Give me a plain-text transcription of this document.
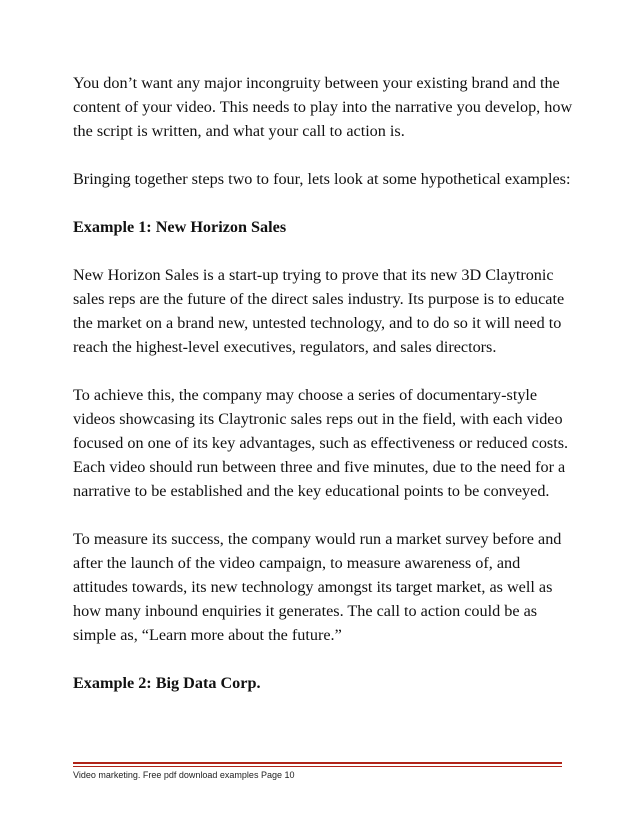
You don’t want any major incongruity between your existing brand and the content of your video. This needs to play into the narrative you develop, how the script is written, and what your call to action is.

Bringing together steps two to four, lets look at some hypothetical examples:

Example 1: New Horizon Sales

New Horizon Sales is a start-up trying to prove that its new 3D Claytronic sales reps are the future of the direct sales industry. Its purpose is to educate the market on a brand new, untested technology, and to do so it will need to reach the highest-level executives, regulators, and sales directors.

To achieve this, the company may choose a series of documentary-style videos showcasing its Claytronic sales reps out in the field, with each video focused on one of its key advantages, such as effectiveness or reduced costs. Each video should run between three and five minutes, due to the need for a narrative to be established and the key educational points to be conveyed.

To measure its success, the company would run a market survey before and after the launch of the video campaign, to measure awareness of, and attitudes towards, its new technology amongst its target market, as well as how many inbound enquiries it generates. The call to action could be as simple as, “Learn more about the future.”

Example 2: Big Data Corp.

Video marketing. Free pdf download examples Page 10
